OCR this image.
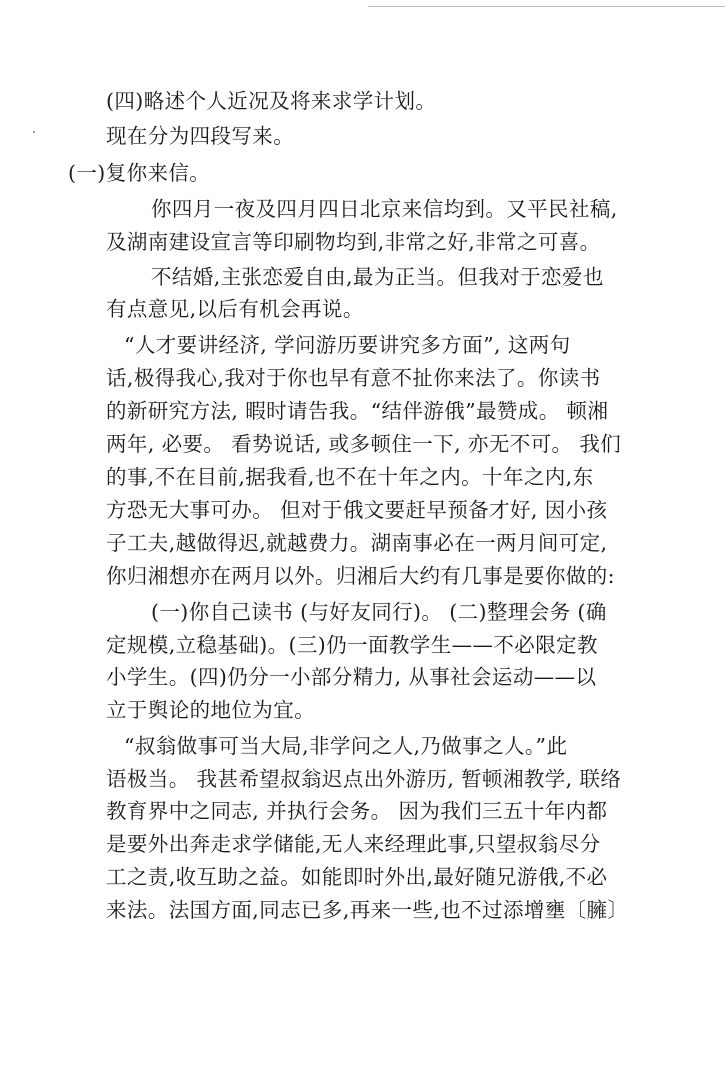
(四)略述个人近况及将来求学计划。
现在分为四段写来。
(一)复你来信。
你四月一夜及四月四日北京来信均到。又平民社稿,
及湖南建设宣言等印刷物均到,非常之好,非常之可喜。
不结婚,主张恋爱自由,最为正当。但我对于恋爱也
有点意见,以后有机会再说。
“人才要讲经济, 学问游历要讲究多方面”, 这两句
话,极得我心,我对于你也早有意不扯你来法了。你读书
的新研究方法, 暇时请告我。“结伴游俄”最赞成。 顿湘
两年, 必要。 看势说话, 或多顿住一下, 亦无不可。 我们
的事,不在目前,据我看,也不在十年之内。十年之内,东
方恐无大事可办。 但对于俄文要赶早预备才好, 因小孩
子工夫,越做得迟,就越费力。湖南事必在一两月间可定,
你归湘想亦在两月以外。归湘后大约有几事是要你做的:
(一)你自己读书 (与好友同行)。 (二)整理会务 (确
定规模,立稳基础)。(三)仍一面教学生——不必限定教
小学生。(四)仍分一小部分精力, 从事社会运动——以
立于舆论的地位为宜。
“叔翁做事可当大局,非学问之人,乃做事之人。”此
语极当。 我甚希望叔翁迟点出外游历, 暂顿湘教学, 联络
教育界中之同志, 并执行会务。 因为我们三五十年内都
是要外出奔走求学储能,无人来经理此事,只望叔翁尽分
工之责,收互助之益。如能即时外出,最好随兄游俄,不必
来法。法国方面,同志已多,再来一些,也不过添增壅〔臃〕
